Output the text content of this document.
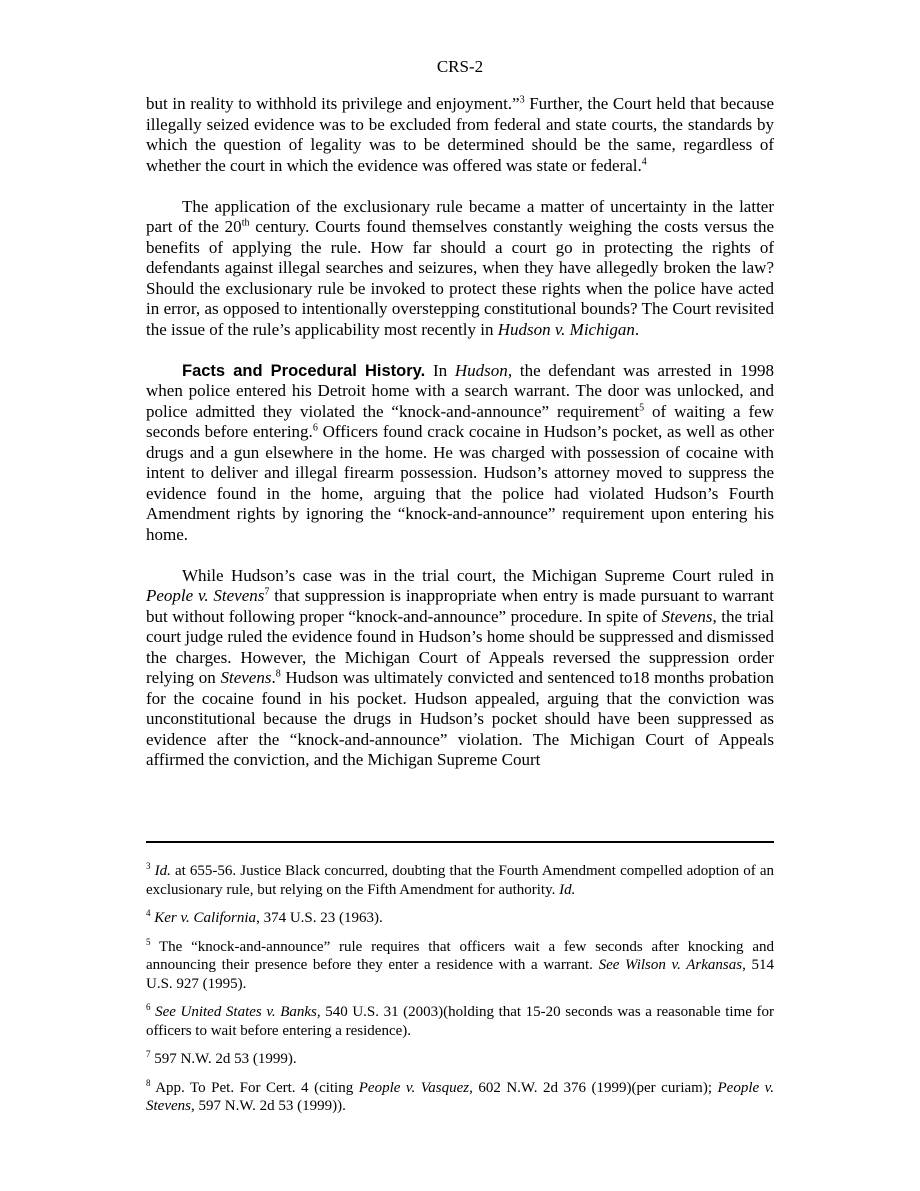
CRS-2

but in reality to withhold its privilege and enjoyment.”$^3$ Further, the Court held that because illegally seized evidence was to be excluded from federal and state courts, the standards by which the question of legality was to be determined should be the same, regardless of whether the court in which the evidence was offered was state or federal.$^4$

The application of the exclusionary rule became a matter of uncertainty in the latter part of the 20th century. Courts found themselves constantly weighing the costs versus the benefits of applying the rule. How far should a court go in protecting the rights of defendants against illegal searches and seizures, when they have allegedly broken the law? Should the exclusionary rule be invoked to protect these rights when the police have acted in error, as opposed to intentionally overstepping constitutional bounds? The Court revisited the issue of the rule’s applicability most recently in Hudson v. Michigan.

Facts and Procedural History. In Hudson, the defendant was arrested in 1998 when police entered his Detroit home with a search warrant. The door was unlocked, and police admitted they violated the “knock-and-announce” requirement$^5$ of waiting a few seconds before entering.$^6$ Officers found crack cocaine in Hudson’s pocket, as well as other drugs and a gun elsewhere in the home. He was charged with possession of cocaine with intent to deliver and illegal firearm possession. Hudson’s attorney moved to suppress the evidence found in the home, arguing that the police had violated Hudson’s Fourth Amendment rights by ignoring the “knock-and-announce” requirement upon entering his home.

While Hudson’s case was in the trial court, the Michigan Supreme Court ruled in People v. Stevens$^7$ that suppression is inappropriate when entry is made pursuant to warrant but without following proper “knock-and-announce” procedure. In spite of Stevens, the trial court judge ruled the evidence found in Hudson’s home should be suppressed and dismissed the charges. However, the Michigan Court of Appeals reversed the suppression order relying on Stevens.$^8$ Hudson was ultimately convicted and sentenced to18 months probation for the cocaine found in his pocket. Hudson appealed, arguing that the conviction was unconstitutional because the drugs in Hudson’s pocket should have been suppressed as evidence after the “knock-and-announce” violation. The Michigan Court of Appeals affirmed the conviction, and the Michigan Supreme Court

$^3$ Id. at 655-56. Justice Black concurred, doubting that the Fourth Amendment compelled adoption of an exclusionary rule, but relying on the Fifth Amendment for authority. Id.

$^4$ Ker v. California, 374 U.S. 23 (1963).

$^5$ The “knock-and-announce” rule requires that officers wait a few seconds after knocking and announcing their presence before they enter a residence with a warrant. See Wilson v. Arkansas, 514 U.S. 927 (1995).

$^6$ See United States v. Banks, 540 U.S. 31 (2003)(holding that 15-20 seconds was a reasonable time for officers to wait before entering a residence).

$^7$ 597 N.W. 2d 53 (1999).

$^8$ App. To Pet. For Cert. 4 (citing People v. Vasquez, 602 N.W. 2d 376 (1999)(per curiam); People v. Stevens, 597 N.W. 2d 53 (1999)).
